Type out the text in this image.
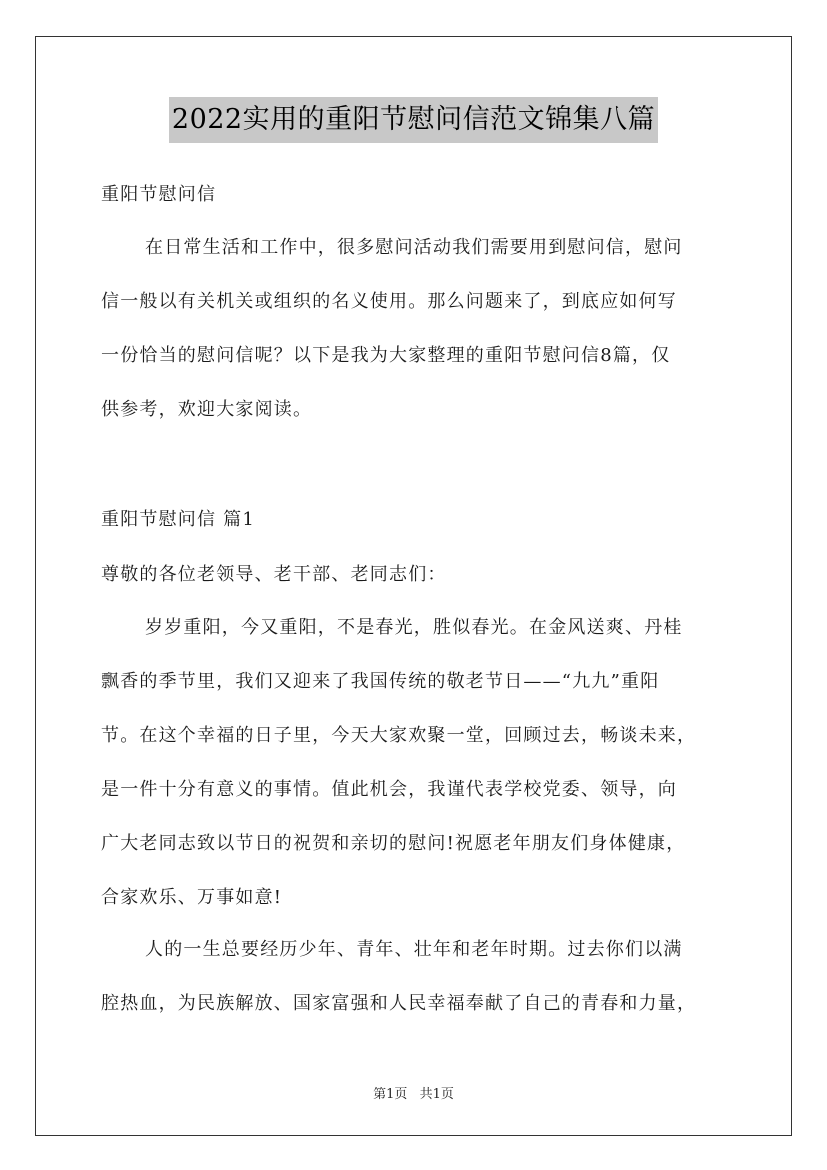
2022实用的重阳节慰问信范文锦集八篇

重阳节慰问信

在日常生活和工作中，很多慰问活动我们需要用到慰问信，慰问
信一般以有关机关或组织的名义使用。那么问题来了，到底应如何写
一份恰当的慰问信呢？以下是我为大家整理的重阳节慰问信8篇，仅
供参考，欢迎大家阅读。

重阳节慰问信 篇1

尊敬的各位老领导、老干部、老同志们：

岁岁重阳，今又重阳，不是春光，胜似春光。在金风送爽、丹桂
飘香的季节里，我们又迎来了我国传统的敬老节日——“九九”重阳
节。在这个幸福的日子里，今天大家欢聚一堂，回顾过去，畅谈未来，
是一件十分有意义的事情。值此机会，我谨代表学校党委、领导，向
广大老同志致以节日的祝贺和亲切的慰问!祝愿老年朋友们身体健康，
合家欢乐、万事如意!
人的一生总要经历少年、青年、壮年和老年时期。过去你们以满
腔热血，为民族解放、国家富强和人民幸福奉献了自己的青春和力量，
第1页 共1页
